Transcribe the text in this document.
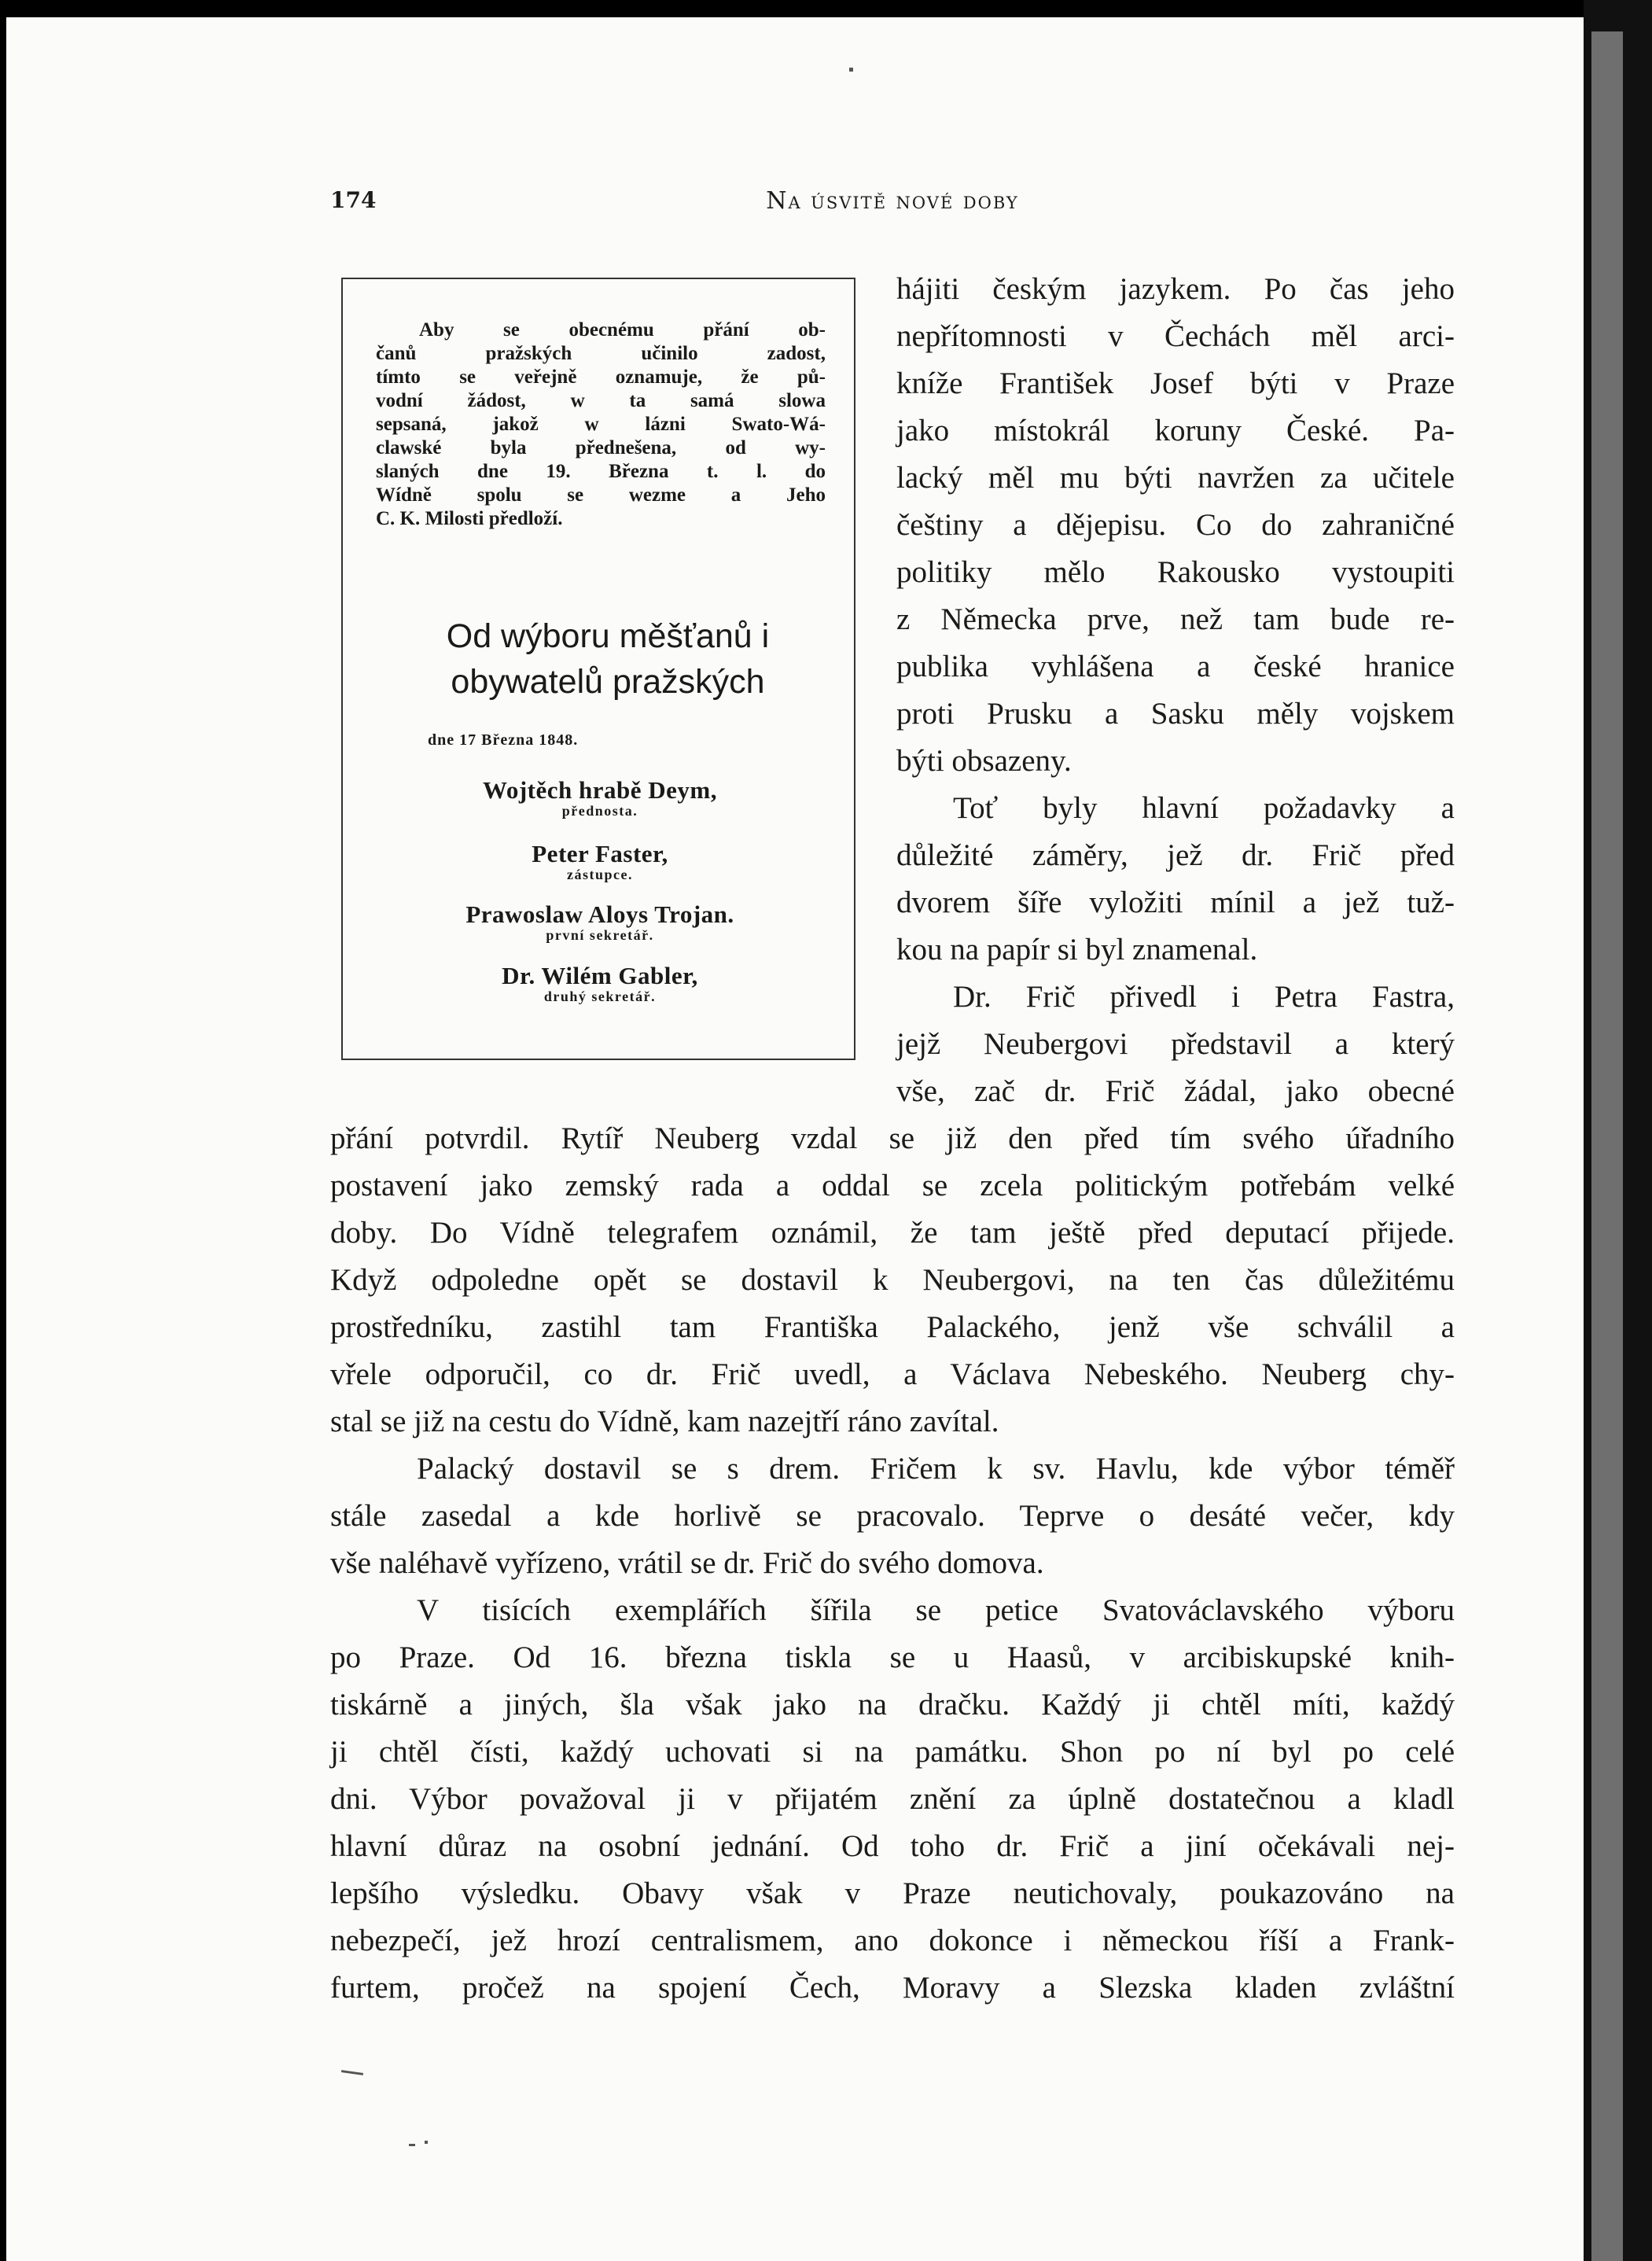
174	Na úsvitě nové doby
Aby se obecnému přání ob-
čanů pražských učinilo zadost,
tímto se veřejně oznamuje, že pů-
vodní žádost, w ta samá slowa
sepsaná, jakož w lázni Swato-Wá-
clawské byla přednešena, od wy-
slaných dne 19. Března t. l. do
Wídně spolu se wezme a Jeho
C. K. Milosti předloží.
Od wýboru měšťanů i obywatelů pražských
dne 17 Března 1848.
Wojtěch hrabě Deym,
přednosta.
Peter Faster,
zástupce.
Prawoslaw Aloys Trojan.
první sekretář.
Dr. Wilém Gabler,
druhý sekretář.
hájiti českým jazykem. Po čas jeho
nepřítomnosti v Čechách měl arci-
kníže František Josef býti v Praze
jako místokrál koruny České. Pa-
lacký měl mu býti navržen za učitele
češtiny a dějepisu. Co do zahraničné
politiky mělo Rakousko vystoupiti
z Německa prve, než tam bude re-
publika vyhlášena a české hranice
proti Prusku a Sasku měly vojskem
býti obsazeny.
Toť byly hlavní požadavky a
důležité záměry, jež dr. Frič před
dvorem šíře vyložiti mínil a jež tuž-
kou na papír si byl znamenal.
Dr. Frič přivedl i Petra Fastra,
jejž Neubergovi představil a který
vše, zač dr. Frič žádal, jako obecné
přání potvrdil. Rytíř Neuberg vzdal se již den před tím svého úřadního
postavení jako zemský rada a oddal se zcela politickým potřebám velké
doby. Do Vídně telegrafem oznámil, že tam ještě před deputací přijede.
Když odpoledne opět se dostavil k Neubergovi, na ten čas důležitému
prostředníku, zastihl tam Františka Palackého, jenž vše schválil a
vřele odporučil, co dr. Frič uvedl, a Václava Nebeského. Neuberg chy-
stal se již na cestu do Vídně, kam nazejtří ráno zavítal.
Palacký dostavil se s drem. Fričem k sv. Havlu, kde výbor téměř
stále zasedal a kde horlivě se pracovalo. Teprve o desáté večer, kdy
vše naléhavě vyřízeno, vrátil se dr. Frič do svého domova.
V tisících exemplářích šířila se petice Svatováclavského výboru
po Praze. Od 16. března tiskla se u Haasů, v arcibiskupské knih-
tiskárně a jiných, šla však jako na dračku. Každý ji chtěl míti, každý
ji chtěl čísti, každý uchovati si na památku. Shon po ní byl po celé
dni. Výbor považoval ji v přijatém znění za úplně dostatečnou a kladl
hlavní důraz na osobní jednání. Od toho dr. Frič a jiní očekávali nej-
lepšího výsledku. Obavy však v Praze neutichovaly, poukazováno na
nebezpečí, jež hrozí centralismem, ano dokonce i německou říší a Frank-
furtem, pročež na spojení Čech, Moravy a Slezska kladen zvláštní
